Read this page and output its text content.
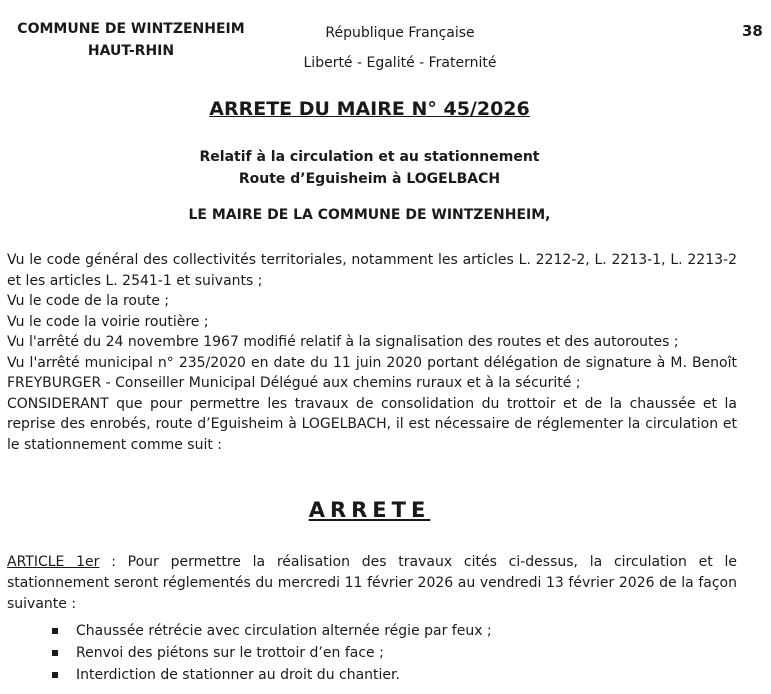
COMMUNE DE WINTZENHEIM
HAUT-RHIN
République Française
Liberté - Egalité - Fraternité
38
ARRETE DU MAIRE N° 45/2026
Relatif à la circulation et au stationnement
Route d’Eguisheim à LOGELBACH
LE MAIRE DE LA COMMUNE DE WINTZENHEIM,
Vu le code général des collectivités territoriales, notamment les articles L. 2212-2, L. 2213-1, L. 2213-2 et les articles L. 2541-1 et suivants ;
Vu le code de la route ;
Vu le code la voirie routière ;
Vu l'arrêté du 24 novembre 1967 modifié relatif à la signalisation des routes et des autoroutes ;
Vu l'arrêté municipal n° 235/2020 en date du 11 juin 2020 portant délégation de signature à M. Benoît FREYBURGER - Conseiller Municipal Délégué aux chemins ruraux et à la sécurité ;
CONSIDERANT que pour permettre les travaux de consolidation du trottoir et de la chaussée et la reprise des enrobés, route d’Eguisheim à LOGELBACH, il est nécessaire de réglementer la circulation et le stationnement comme suit :
ARRETE

ARTICLE 1er : Pour permettre la réalisation des travaux cités ci-dessus, la circulation et le stationnement seront réglementés du mercredi 11 février 2026 au vendredi 13 février 2026 de la façon suivante :

Chaussée rétrécie avec circulation alternée régie par feux ;
Renvoi des piétons sur le trottoir d’en face ;
Interdiction de stationner au droit du chantier.
